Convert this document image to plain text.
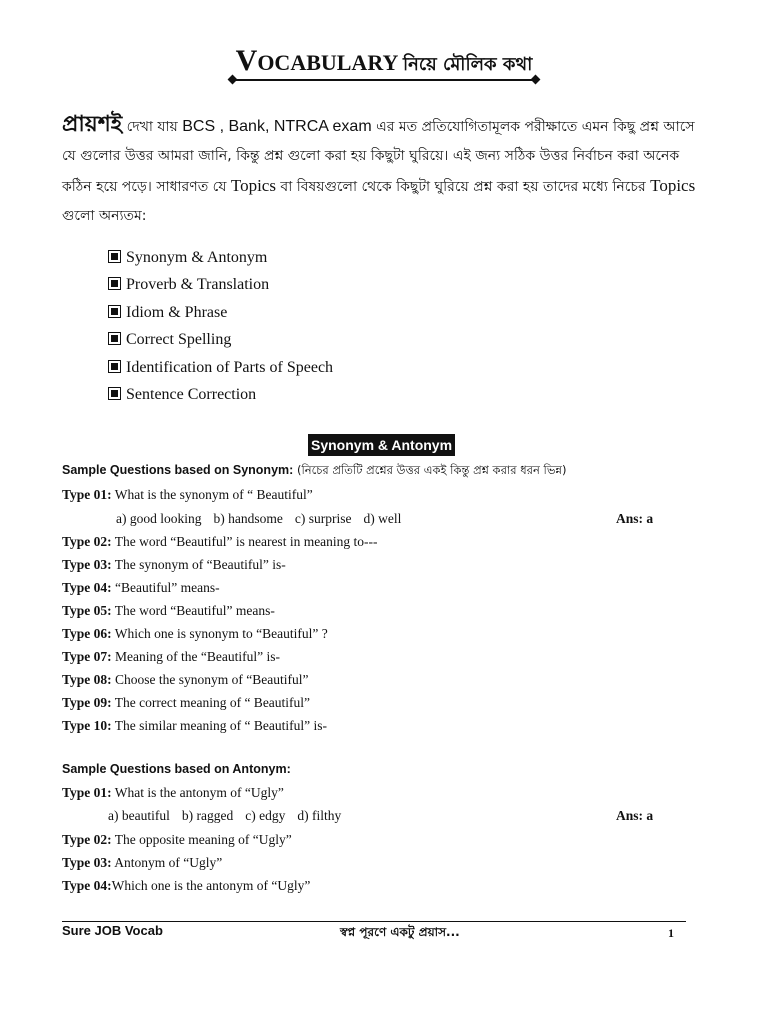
VOCABULARY নিয়ে মৌলিক কথা
প্রায়শই দেখা যায় BCS , Bank, NTRCA exam এর মত প্রতিযোগিতামূলক পরীক্ষাতে এমন কিছু প্রশ্ন আসে যে গুলোর উত্তর আমরা জানি, কিন্তু প্রশ্ন গুলো করা হয় কিছুটা ঘুরিয়ে। এই জন্য সঠিক উত্তর নির্বাচন করা অনেক কঠিন হয়ে পড়ে। সাধারণত যে Topics বা বিষয়গুলো থেকে কিছুটা ঘুরিয়ে প্রশ্ন করা হয় তাদের মধ্যে নিচের Topics গুলো অন্যতম:
Synonym & Antonym
Proverb & Translation
Idiom & Phrase
Correct Spelling
Identification of Parts of Speech
Sentence Correction
Synonym & Antonym
Sample Questions based on Synonym: (নিচের প্রতিটি প্রশ্নের উত্তর একই কিন্তু প্রশ্ন করার ধরন ভিন্ন)
Type 01: What is the synonym of “ Beautiful”
a) good looking b) handsome c) surprise d) well	Ans: a
Type 02: The word “Beautiful” is nearest in meaning to---
Type 03: The synonym of “Beautiful” is-
Type 04: “Beautiful” means-
Type 05: The word “Beautiful” means-
Type 06: Which one is synonym to “Beautiful” ?
Type 07: Meaning of the “Beautiful” is-
Type 08: Choose the synonym of “Beautiful”
Type 09: The correct meaning of “ Beautiful”
Type 10: The similar meaning of “ Beautiful” is-
Sample Questions based on Antonym:
Type 01: What is the antonym of “Ugly”
a) beautiful b) ragged c) edgy d) filthy	Ans: a
Type 02: The opposite meaning of “Ugly”
Type 03: Antonym of “Ugly”
Type 04:Which one is the antonym of “Ugly”
Sure JOB Vocab	স্বপ্ন পূরণে একটু প্রয়াস...	1
